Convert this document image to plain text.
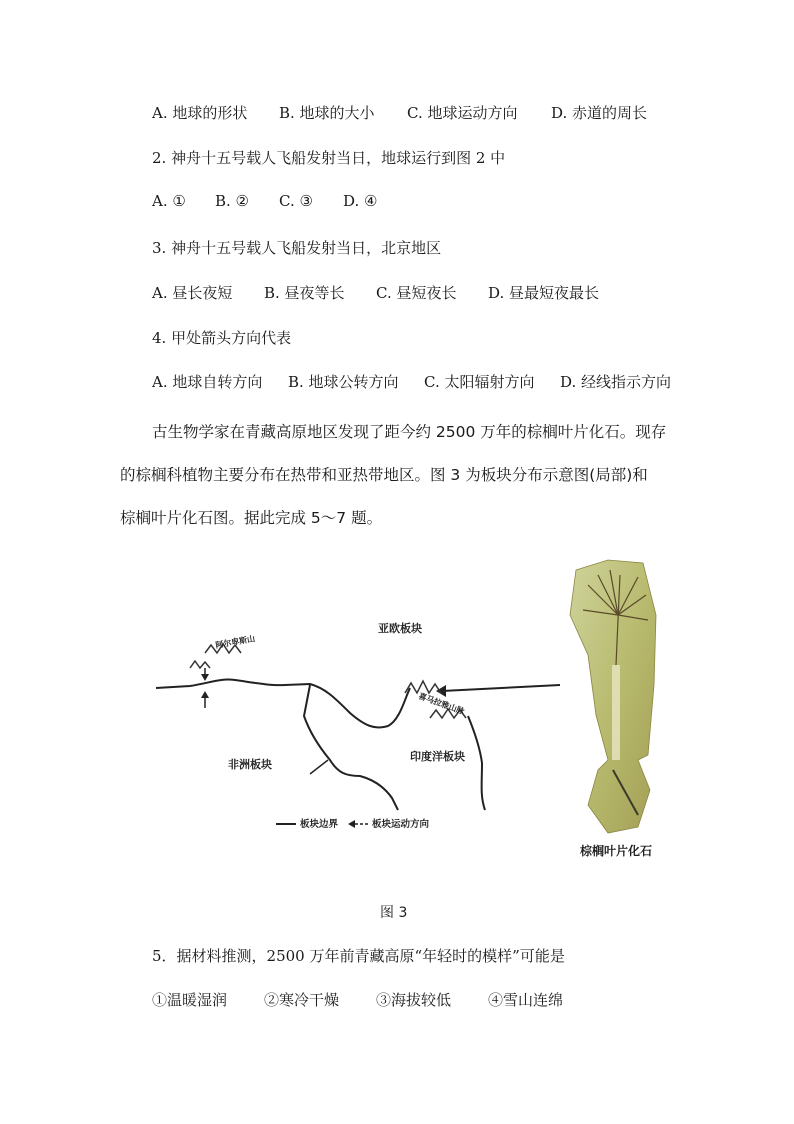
A. 地球的形状 B. 地球的大小 C. 地球运动方向 D. 赤道的周长
2. 神舟十五号载人飞船发射当日，地球运行到图 2 中
A. ① B. ② C. ③ D. ④
3. 神舟十五号载人飞船发射当日，北京地区
A. 昼长夜短 B. 昼夜等长 C. 昼短夜长 D. 昼最短夜最长
4. 甲处箭头方向代表
A. 地球自转方向 B. 地球公转方向 C. 太阳辐射方向 D. 经线指示方向
古生物学家在青藏高原地区发现了距今约 2500 万年的棕榈叶片化石。现存
的棕榈科植物主要分布在热带和亚热带地区。图 3 为板块分布示意图(局部)和
棕榈叶片化石图。据此完成 5～7 题。
亚欧板块
阿尔卑斯山
非洲板块
印度洋板块
喜马拉雅山脉
板块边界	板块运动方向
棕榈叶片化石
图 3
5．据材料推测，2500 万年前青藏高原“年轻时的模样”可能是
①温暖湿润 ②寒冷干燥 ③海拔较低 ④雪山连绵
